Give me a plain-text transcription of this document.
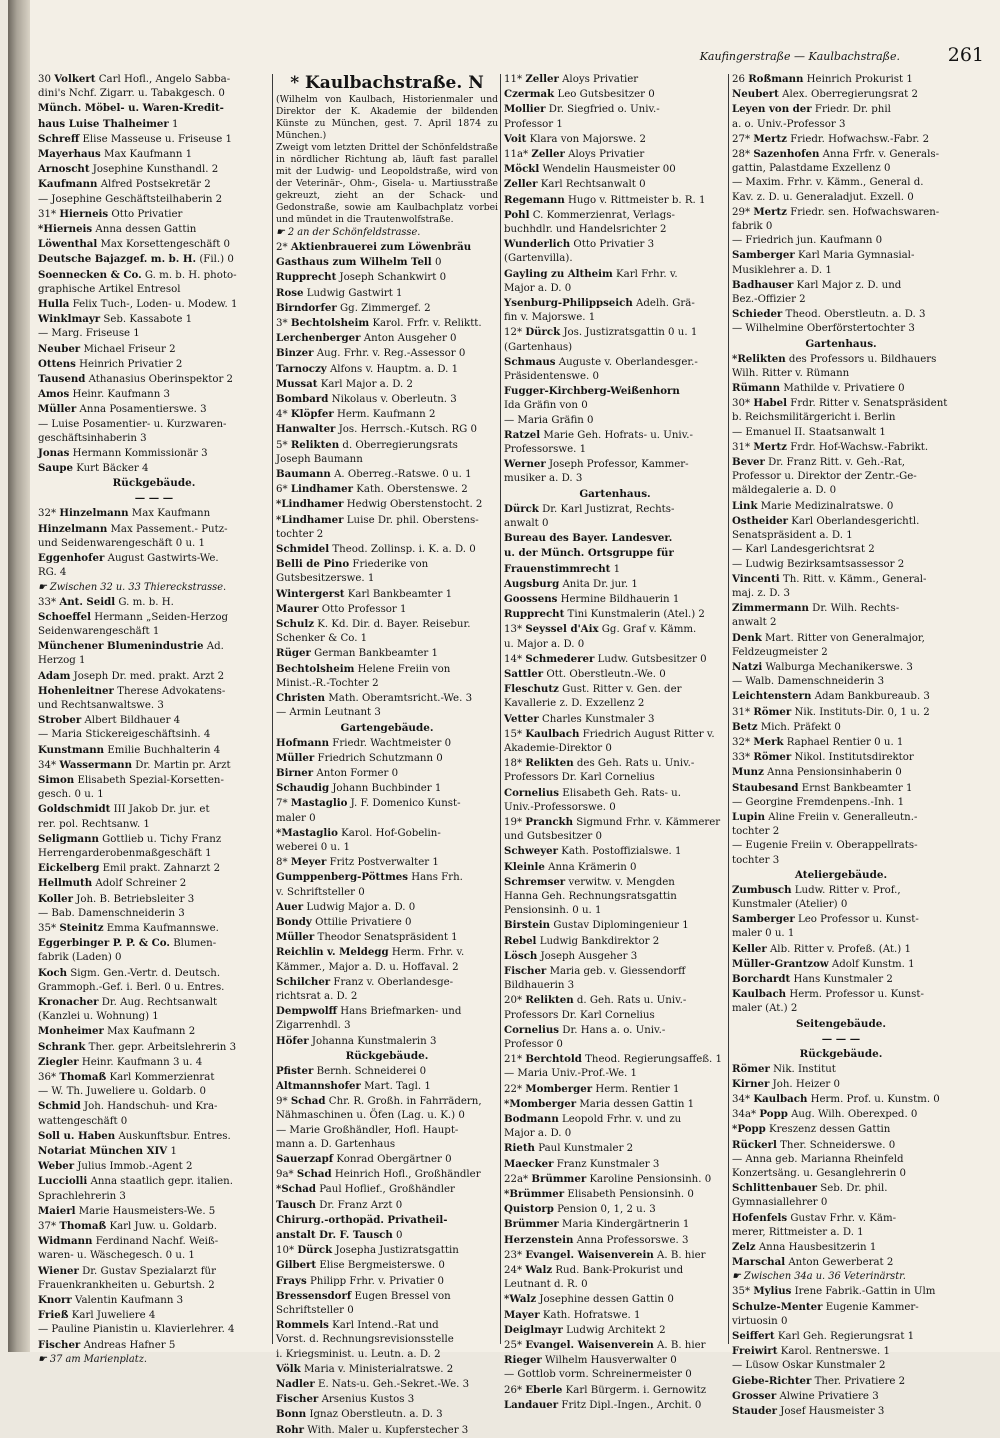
Kaufingerstraße — Kaulbachstraße.	261
30 Volkert Carl Hofl., Angelo Sabba-
dini's Nchf. Zigarr. u. Tabakgesch. 0
Münch. Möbel- u. Waren-Kredit-
haus Luise Thalheimer 1
Schreff Elise Masseuse u. Friseuse 1
Mayerhaus Max Kaufmann 1
Arnoscht Josephine Kunsthandl. 2
Kaufmann Alfred Postsekretär 2
— Josephine Geschäftsteilhaberin 2
31* Hierneis Otto Privatier
*Hierneis Anna dessen Gattin
Löwenthal Max Korsettengeschäft 0
Deutsche Bajazgef. m. b. H. (Fil.) 0
Soennecken & Co. G. m. b. H. photo-
graphische Artikel Entresol
Hulla Felix Tuch-, Loden- u. Modew. 1
Winklmayr Seb. Kassabote 1
— Marg. Friseuse 1
Neuber Michael Friseur 2
Ottens Heinrich Privatier 2
Tausend Athanasius Oberinspektor 2
Amos Heinr. Kaufmann 3
Müller Anna Posamentierswe. 3
— Luise Posamentier- u. Kurzwaren-
geschäftsinhaberin 3
Jonas Hermann Kommissionär 3
Saupe Kurt Bäcker 4
Rückgebäude.
— — —
32* Hinzelmann Max Kaufmann
Hinzelmann Max Passement.- Putz-
und Seidenwarengeschäft 0 u. 1
Eggenhofer August Gastwirts-We.
RG. 4
☛ Zwischen 32 u. 33 Thiereckstrasse.
33* Ant. Seidl G. m. b. H.
Schoeffel Hermann „Seiden-Herzog
Seidenwarengeschäft 1
Münchener Blumenindustrie Ad.
Herzog 1
Adam Joseph Dr. med. prakt. Arzt 2
Hohenleitner Therese Advokatens-
und Rechtsanwaltswe. 3
Strober Albert Bildhauer 4
— Maria Stickereigeschäftsinh. 4
Kunstmann Emilie Buchhalterin 4
34* Wassermann Dr. Martin pr. Arzt
Simon Elisabeth Spezial-Korsetten-
gesch. 0 u. 1
Goldschmidt III Jakob Dr. jur. et
rer. pol. Rechtsanw. 1
Seligmann Gottlieb u. Tichy Franz
Herrengarderobenmaßgeschäft 1
Eickelberg Emil prakt. Zahnarzt 2
Hellmuth Adolf Schreiner 2
Koller Joh. B. Betriebsleiter 3
— Bab. Damenschneiderin 3
35* Steinitz Emma Kaufmannswe.
Eggerbinger P. P. & Co. Blumen-
fabrik (Laden) 0
Koch Sigm. Gen.-Vertr. d. Deutsch.
Grammoph.-Gef. i. Berl. 0 u. Entres.
Kronacher Dr. Aug. Rechtsanwalt
(Kanzlei u. Wohnung) 1
Monheimer Max Kaufmann 2
Schrank Ther. gepr. Arbeitslehrerin 3
Ziegler Heinr. Kaufmann 3 u. 4
36* Thomaß Karl Kommerzienrat
— W. Th. Juweliere u. Goldarb. 0
Schmid Joh. Handschuh- und Kra-
wattengeschäft 0
Soll u. Haben Auskunftsbur. Entres.
Notariat München XIV 1
Weber Julius Immob.-Agent 2
Lucciolli Anna staatlich gepr. italien.
Sprachlehrerin 3
Maierl Marie Hausmeisters-We. 5
37* Thomaß Karl Juw. u. Goldarb.
Widmann Ferdinand Nachf. Weiß-
waren- u. Wäschegesch. 0 u. 1
Wiener Dr. Gustav Spezialarzt für
Frauenkrankheiten u. Geburtsh. 2
Knorr Valentin Kaufmann 3
Frieß Karl Juweliere 4
— Pauline Pianistin u. Klavierlehrer. 4
Fischer Andreas Hafner 5
☛ 37 am Marienplatz.
* Kaulbachstraße. N
(Wilhelm von Kaulbach, Historienmaler und Direktor der K. Akademie der bildenden Künste zu München, gest. 7. April 1874 zu München.)
Zweigt vom letzten Drittel der Schönfeldstraße in nördlicher Richtung ab, läuft fast parallel mit der Ludwig- und Leopoldstraße, wird von der Veterinär-, Ohm-, Gisela- u. Martiusstraße gekreuzt, zieht an der Schack- und Gedonstraße, sowie am Kaulbachplatz vorbei und mündet in die Trautenwolfstraße.
☛ 2 an der Schönfeldstrasse.
2* Aktienbrauerei zum Löwenbräu
Gasthaus zum Wilhelm Tell 0
Rupprecht Joseph Schankwirt 0
Rose Ludwig Gastwirt 1
Birndorfer Gg. Zimmergef. 2
3* Bechtolsheim Karol. Frfr. v. Reliktt.
Lerchenberger Anton Ausgeher 0
Binzer Aug. Frhr. v. Reg.-Assessor 0
Tarnoczy Alfons v. Hauptm. a. D. 1
Mussat Karl Major a. D. 2
Bombard Nikolaus v. Oberleutn. 3
4* Klöpfer Herm. Kaufmann 2
Hanwalter Jos. Herrsch.-Kutsch. RG 0
5* Relikten d. Oberregierungsrats
Joseph Baumann
Baumann A. Oberreg.-Ratswe. 0 u. 1
6* Lindhamer Kath. Oberstenswe. 2
*Lindhamer Hedwig Oberstenstocht. 2
*Lindhamer Luise Dr. phil. Oberstens-
tochter 2
Schmidel Theod. Zollinsp. i. K. a. D. 0
Belli de Pino Friederike von
Gutsbesitzerswe. 1
Wintergerst Karl Bankbeamter 1
Maurer Otto Professor 1
Schulz K. Kd. Dir. d. Bayer. Reisebur.
Schenker & Co. 1
Rüger German Bankbeamter 1
Bechtolsheim Helene Freiin von
Minist.-R.-Tochter 2
Christen Math. Oberamtsricht.-We. 3
— Armin Leutnant 3
Gartengebäude.
Hofmann Friedr. Wachtmeister 0
Müller Friedrich Schutzmann 0
Birner Anton Former 0
Schaudig Johann Buchbinder 1
7* Mastaglio J. F. Domenico Kunst-
maler 0
*Mastaglio Karol. Hof-Gobelin-
weberei 0 u. 1
8* Meyer Fritz Postverwalter 1
Gumppenberg-Pöttmes Hans Frh.
v. Schriftsteller 0
Auer Ludwig Major a. D. 0
Bondy Ottilie Privatiere 0
Müller Theodor Senatspräsident 1
Reichlin v. Meldegg Herm. Frhr. v.
Kämmer., Major a. D. u. Hoffaval. 2
Schilcher Franz v. Oberlandesge-
richtsrat a. D. 2
Dempwolff Hans Briefmarken- und
Zigarrenhdl. 3
Höfer Johanna Kunstmalerin 3
Rückgebäude.
Pfister Bernh. Schneiderei 0
Altmannshofer Mart. Tagl. 1
9* Schad Chr. R. Großh. in Fahrrädern,
Nähmaschinen u. Öfen (Lag. u. K.) 0
— Marie Großhändler, Hofl. Haupt-
mann a. D. Gartenhaus
Sauerzapf Konrad Obergärtner 0
9a* Schad Heinrich Hofl., Großhändler
*Schad Paul Hoflief., Großhändler
Tausch Dr. Franz Arzt 0
Chirurg.-orthopäd. Privatheil-
anstalt Dr. F. Tausch 0
10* Dürck Josepha Justizratsgattin
Gilbert Elise Bergmeisterswe. 0
Frays Philipp Frhr. v. Privatier 0
Bressensdorf Eugen Bressel von
Schriftsteller 0
Rommels Karl Intend.-Rat und
Vorst. d. Rechnungsrevisionsstelle
i. Kriegsminist. u. Leutn. a. D. 2
Völk Maria v. Ministerialratswe. 2
Nadler E. Nats-u. Geh.-Sekret.-We. 3
Fischer Arsenius Kustos 3
Bonn Ignaz Oberstleutn. a. D. 3
Rohr With. Maler u. Kupferstecher 3
11* Zeller Aloys Privatier
Czermak Leo Gutsbesitzer 0
Mollier Dr. Siegfried o. Univ.-
Professor 1
Voit Klara von Majorswe. 2
11a* Zeller Aloys Privatier
Möckl Wendelin Hausmeister 00
Zeller Karl Rechtsanwalt 0
Regemann Hugo v. Rittmeister b. R. 1
Pohl C. Kommerzienrat, Verlags-
buchhdlr. und Handelsrichter 2
Wunderlich Otto Privatier 3
(Gartenvilla).
Gayling zu Altheim Karl Frhr. v.
Major a. D. 0
Ysenburg-Philippseich Adelh. Grä-
fin v. Majorswe. 1
12* Dürck Jos. Justizratsgattin 0 u. 1
(Gartenhaus)
Schmaus Auguste v. Oberlandesger.-
Präsidentenswe. 0
Fugger-Kirchberg-Weißenhorn
Ida Gräfin von 0
— Maria Gräfin 0
Ratzel Marie Geh. Hofrats- u. Univ.-
Professorswe. 1
Werner Joseph Professor, Kammer-
musiker a. D. 3
Gartenhaus.
Dürck Dr. Karl Justizrat, Rechts-
anwalt 0
Bureau des Bayer. Landesver.
u. der Münch. Ortsgruppe für
Frauenstimmrecht 1
Augsburg Anita Dr. jur. 1
Goossens Hermine Bildhauerin 1
Rupprecht Tini Kunstmalerin (Atel.) 2
13* Seyssel d'Aix Gg. Graf v. Kämm.
u. Major a. D. 0
14* Schmederer Ludw. Gutsbesitzer 0
Sattler Ott. Oberstleutn.-We. 0
Fleschutz Gust. Ritter v. Gen. der
Kavallerie z. D. Exzellenz 2
Vetter Charles Kunstmaler 3
15* Kaulbach Friedrich August Ritter v.
Akademie-Direktor 0
18* Relikten des Geh. Rats u. Univ.-
Professors Dr. Karl Cornelius
Cornelius Elisabeth Geh. Rats- u.
Univ.-Professorswe. 0
19* Pranckh Sigmund Frhr. v. Kämmerer
und Gutsbesitzer 0
Schweyer Kath. Postoffizialswe. 1
Kleinle Anna Krämerin 0
Schremser verwitw. v. Mengden
Hanna Geh. Rechnungsratsgattin
Pensionsinh. 0 u. 1
Birstein Gustav Diplomingenieur 1
Rebel Ludwig Bankdirektor 2
Lösch Joseph Ausgeher 3
Fischer Maria geb. v. Giessendorff
Bildhauerin 3
20* Relikten d. Geh. Rats u. Univ.-
Professors Dr. Karl Cornelius
Cornelius Dr. Hans a. o. Univ.-
Professor 0
21* Berchtold Theod. Regierungsaffeß. 1
— Maria Univ.-Prof.-We. 1
22* Momberger Herm. Rentier 1
*Momberger Maria dessen Gattin 1
Bodmann Leopold Frhr. v. und zu
Major a. D. 0
Rieth Paul Kunstmaler 2
Maecker Franz Kunstmaler 3
22a* Brümmer Karoline Pensionsinh. 0
*Brümmer Elisabeth Pensionsinh. 0
Quistorp Pension 0, 1, 2 u. 3
Brümmer Maria Kindergärtnerin 1
Herzenstein Anna Professorswe. 3
23* Evangel. Waisenverein A. B. hier
24* Walz Rud. Bank-Prokurist und
Leutnant d. R. 0
*Walz Josephine dessen Gattin 0
Mayer Kath. Hofratswe. 1
Deiglmayr Ludwig Architekt 2
25* Evangel. Waisenverein A. B. hier
Rieger Wilhelm Hausverwalter 0
— Gottlob vorm. Schreinermeister 0
26* Eberle Karl Bürgerm. i. Gernowitz
Landauer Fritz Dipl.-Ingen., Archit. 0
26 Roßmann Heinrich Prokurist 1
Neubert Alex. Oberregierungsrat 2
Leyen von der Friedr. Dr. phil
a. o. Univ.-Professor 3
27* Mertz Friedr. Hofwachsw.-Fabr. 2
28* Sazenhofen Anna Frfr. v. Generals-
gattin, Palastdame Exzellenz 0
— Maxim. Frhr. v. Kämm., General d.
Kav. z. D. u. Generaladjut. Exzell. 0
29* Mertz Friedr. sen. Hofwachswaren-
fabrik 0
— Friedrich jun. Kaufmann 0
Samberger Karl Maria Gymnasial-
Musiklehrer a. D. 1
Badhauser Karl Major z. D. und
Bez.-Offizier 2
Schieder Theod. Oberstleutn. a. D. 3
— Wilhelmine Oberförstertochter 3
Gartenhaus.
*Relikten des Professors u. Bildhauers
Wilh. Ritter v. Rümann
Rümann Mathilde v. Privatiere 0
30* Habel Frdr. Ritter v. Senatspräsident
b. Reichsmilitärgericht i. Berlin
— Emanuel II. Staatsanwalt 1
31* Mertz Frdr. Hof-Wachsw.-Fabrikt.
Bever Dr. Franz Ritt. v. Geh.-Rat,
Professor u. Direktor der Zentr.-Ge-
mäldegalerie a. D. 0
Link Marie Medizinalratswe. 0
Ostheider Karl Oberlandesgerichtl.
Senatspräsident a. D. 1
— Karl Landesgerichtsrat 2
— Ludwig Bezirksamtsassessor 2
Vincenti Th. Ritt. v. Kämm., General-
maj. z. D. 3
Zimmermann Dr. Wilh. Rechts-
anwalt 2
Denk Mart. Ritter von Generalmajor,
Feldzeugmeister 2
Natzi Walburga Mechanikerswe. 3
— Walb. Damenschneiderin 3
Leichtenstern Adam Bankbureaub. 3
31* Römer Nik. Instituts-Dir. 0, 1 u. 2
Betz Mich. Präfekt 0
32* Merk Raphael Rentier 0 u. 1
33* Römer Nikol. Institutsdirektor
Munz Anna Pensionsinhaberin 0
Staubesand Ernst Bankbeamter 1
— Georgine Fremdenpens.-Inh. 1
Lupin Aline Freiin v. Generalleutn.-
tochter 2
— Eugenie Freiin v. Oberappellrats-
tochter 3
Ateliergebäude.
Zumbusch Ludw. Ritter v. Prof.,
Kunstmaler (Atelier) 0
Samberger Leo Professor u. Kunst-
maler 0 u. 1
Keller Alb. Ritter v. Profeß. (At.) 1
Müller-Grantzow Adolf Kunstm. 1
Borchardt Hans Kunstmaler 2
Kaulbach Herm. Professor u. Kunst-
maler (At.) 2
Seitengebäude.
— — —
Rückgebäude.
Römer Nik. Institut
Kirner Joh. Heizer 0
34* Kaulbach Herm. Prof. u. Kunstm. 0
34a* Popp Aug. Wilh. Oberexped. 0
*Popp Kreszenz dessen Gattin
Rückerl Ther. Schneiderswe. 0
— Anna geb. Marianna Rheinfeld
Konzertsäng. u. Gesanglehrerin 0
Schlittenbauer Seb. Dr. phil.
Gymnasiallehrer 0
Hofenfels Gustav Frhr. v. Käm-
merer, Rittmeister a. D. 1
Zelz Anna Hausbesitzerin 1
Marschal Anton Gewerberat 2
☛ Zwischen 34a u. 36 Veterinärstr.
35* Mylius Irene Fabrik.-Gattin in Ulm
Schulze-Menter Eugenie Kammer-
virtuosin 0
Seiffert Karl Geh. Regierungsrat 1
Freiwirt Karol. Rentnerswe. 1
— Lüsow Oskar Kunstmaler 2
Giebe-Richter Ther. Privatiere 2
Grosser Alwine Privatiere 3
Stauder Josef Hausmeister 3
